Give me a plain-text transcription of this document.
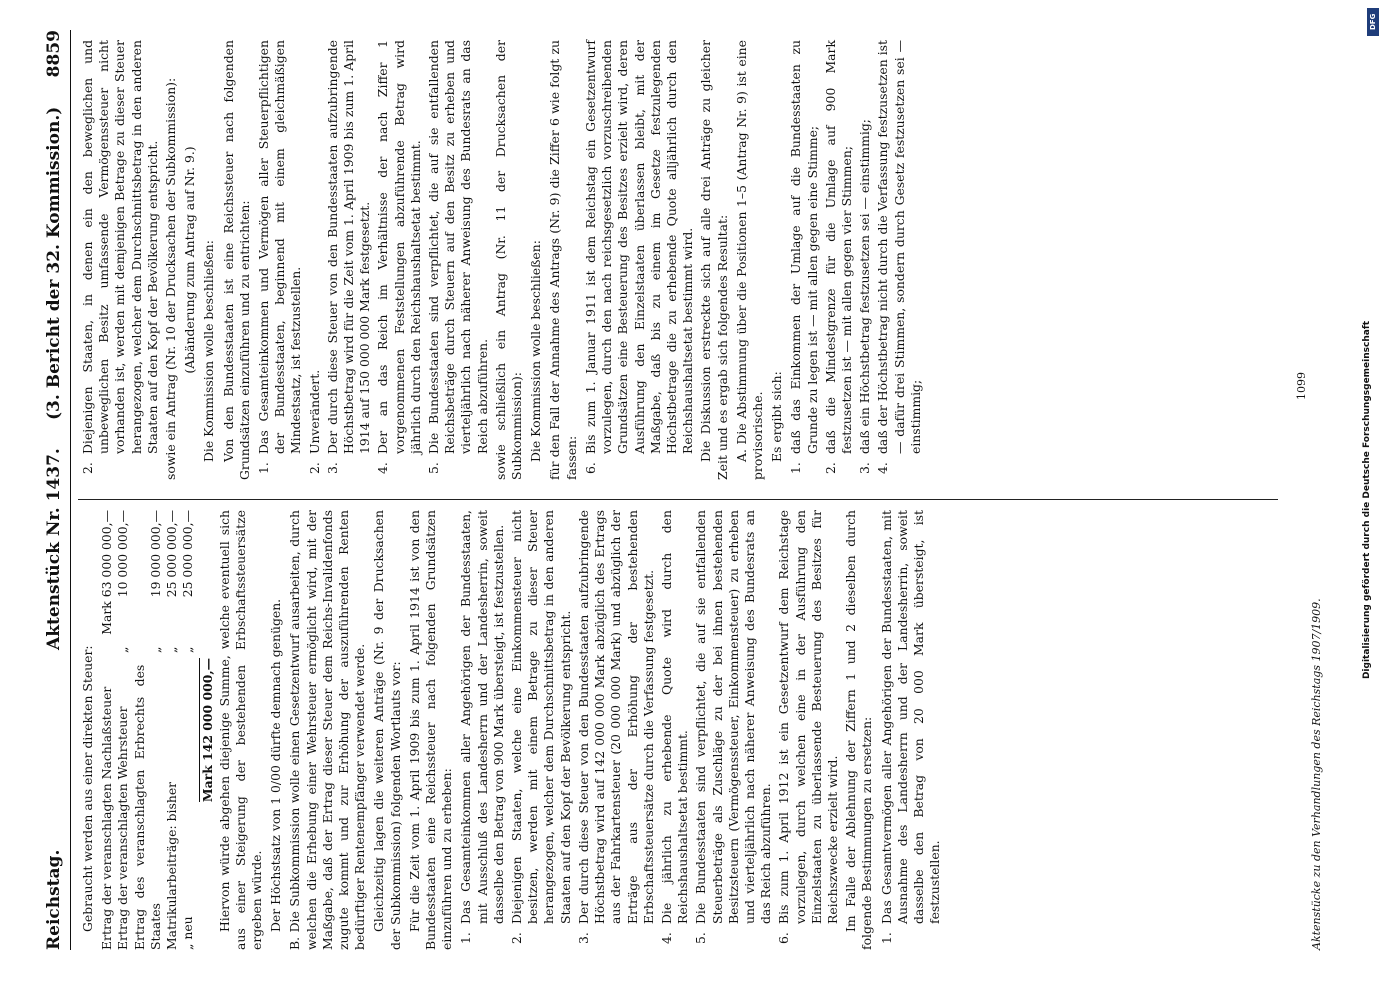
Reichstag.
Aktenstück Nr. 1437.
(3. Bericht der 32. Kommission.)
8859

Gebraucht werden aus einer direkten Steuer: Ertrag der veranschlagten Nachlaßsteuer		Mark 63 000 000,—
Ertrag der veranschlagten Wehrsteuer	„	10 000 000,—
Ertrag des veranschlagten Erbrechts des Staates	„	19 000 000,—
Matrikularbeiträge: bisher	„	25 000 000,—
„ neu	„	25 000 000,—
Mark 142 000 000,— Hiervon würde abgehen diejenige Summe, welche eventuell sich aus einer Steigerung der bestehenden Erbschaftssteuersätze ergeben würde. Der Höchstsatz von 1 0/00 dürfte demnach genügen. B. Die Subkommission wolle einen Gesetzentwurf ausarbeiten, durch welchen die Erhebung einer Wehrsteuer ermöglicht wird, mit der Maßgabe, daß der Ertrag dieser Steuer dem Reichs-Invalidenfonds zugute kommt und zur Erhöhung der auszuführenden Renten bedürftiger Rentenempfänger verwendet werde. Gleichzeitig lagen die weiteren Anträge (Nr. 9 der Drucksachen der Subkommission) folgenden Wortlauts vor: Für die Zeit vom 1. April 1909 bis zum 1. April 1914 ist von den Bundesstaaten eine Reichssteuer nach folgenden Grundsätzen einzuführen und zu erheben: 1.
Das Gesamteinkommen aller Angehörigen der Bundesstaaten, mit Ausschluß des Landesherrn und der Landesherrin, soweit dasselbe den Betrag von 900 Mark übersteigt, ist festzustellen.
2.
Diejenigen Staaten, welche eine Einkommensteuer nicht besitzen, werden mit einem Betrage zu dieser Steuer herangezogen, welcher dem Durchschnittsbetrag in den anderen Staaten auf den Kopf der Bevölkerung entspricht.
3.
Der durch diese Steuer von den Bundesstaaten aufzubringende Höchstbetrag wird auf 142 000 000 Mark abzüglich des Ertrags aus der Fahrkartensteuer (20 000 000 Mark) und abzüglich der Erträge aus der Erhöhung der bestehenden Erbschaftssteuersätze durch die Verfassung festgesetzt.
4.
Die jährlich zu erhebende Quote wird durch den Reichshaushaltsetat bestimmt.
5.
Die Bundesstaaten sind verpflichtet, die auf sie entfallenden Steuerbeträge als Zuschläge zu der bei ihnen bestehenden Besitzsteuern (Vermögenssteuer, Einkommensteuer) zu erheben und vierteljährlich nach näherer Anweisung des Bundesrats an das Reich abzuführen.
6.
Bis zum 1. April 1912 ist ein Gesetzentwurf dem Reichstage vorzulegen, durch welchen eine in der Ausführung den Einzelstaaten zu überlassende Besteuerung des Besitzes für Reichszwecke erzielt wird. Im Falle der Ablehnung der Ziffern 1 und 2 dieselben durch folgende Bestimmungen zu ersetzen: 1.
Das Gesamtvermögen aller Angehörigen der Bundesstaaten, mit Ausnahme des Landesherrn und der Landesherrin, soweit dasselbe den Betrag von 20 000 Mark übersteigt, ist festzustellen.
2.
Diejenigen Staaten, in denen ein den beweglichen und unbeweglichen Besitz umfassende Vermögenssteuer nicht vorhanden ist, werden mit demjenigen Betrage zu dieser Steuer herangezogen, welcher dem Durchschnittsbetrag in den anderen Staaten auf den Kopf der Bevölkerung entspricht. sowie ein Antrag (Nr. 10 der Drucksachen der Subkommission): (Abänderung zum Antrag auf Nr. 9.) Die Kommission wolle beschließen: Von den Bundesstaaten ist eine Reichssteuer nach folgenden Grundsätzen einzuführen und zu entrichten: 1.
Das Gesamteinkommen und Vermögen aller Steuerpflichtigen der Bundesstaaten, beginnend mit einem gleichmäßigen Mindestsatz, ist festzustellen.
2.
Unverändert.
3.
Der durch diese Steuer von den Bundesstaaten aufzubringende Höchstbetrag wird für die Zeit vom 1. April 1909 bis zum 1. April 1914 auf 150 000 000 Mark festgesetzt.
4.
Der an das Reich im Verhältnisse der nach Ziffer 1 vorgenommenen Feststellungen abzuführende Betrag wird jährlich durch den Reichshaushaltsetat bestimmt.
5.
Die Bundesstaaten sind verpflichtet, die auf sie entfallenden Reichsbeträge durch Steuern auf den Besitz zu erheben und vierteljährlich nach näherer Anweisung des Bundesrats an das Reich abzuführen. sowie schließlich ein Antrag (Nr. 11 der Drucksachen der Subkommission): Die Kommission wolle beschließen: für den Fall der Annahme des Antrags (Nr. 9) die Ziffer 6 wie folgt zu fassen: 6.
Bis zum 1. Januar 1911 ist dem Reichstag ein Gesetzentwurf vorzulegen, durch den nach reichsgesetzlich vorzuschreibenden Grundsätzen eine Besteuerung des Besitzes erzielt wird, deren Ausführung den Einzelstaaten überlassen bleibt, mit der Maßgabe, daß bis zu einem im Gesetze festzulegenden Höchstbetrage die zu erhebende Quote alljährlich durch den Reichshaushaltsetat bestimmt wird. Die Diskussion erstreckte sich auf alle drei Anträge zu gleicher Zeit und es ergab sich folgendes Resultat: A. Die Abstimmung über die Positionen 1–5 (Antrag Nr. 9) ist eine provisorische. Es ergibt sich:

1.
daß das Einkommen der Umlage auf die Bundesstaaten zu Grunde zu legen ist — mit allen gegen eine Stimme;
2.
daß die Mindestgrenze für die Umlage auf 900 Mark festzusetzen ist — mit allen gegen vier Stimmen;
3.
daß ein Höchstbetrag festzusetzen sei — einstimmig;
4.
daß der Höchstbetrag nicht durch die Verfassung festzusetzen ist — dafür drei Stimmen, sondern durch Gesetz festzusetzen sei — einstimmig;	1099
Aktenstücke zu den Verhandlungen des Reichstags 1907/1909.
DFG
Digitalisierung gefördert durch die Deutsche Forschungsgemeinschaft
